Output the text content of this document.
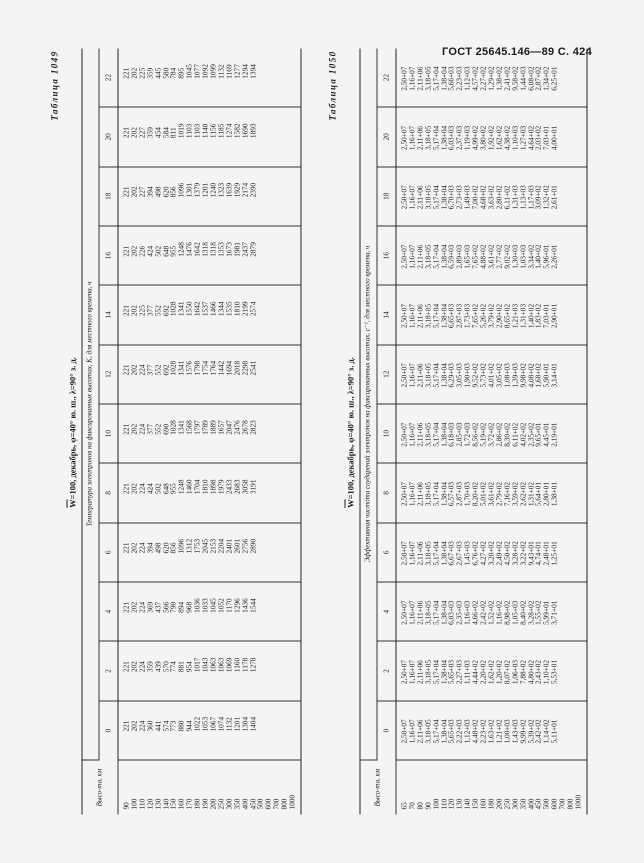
ГОСТ 25645.146—89 С. 424
Таблица 1049
$\overline{W}=100$, декабрь, φ=40° ю. ш., λ=90° з. д.
Высо-та, км	Температура электронов на фиксированных высотах, К, для местного времени, ч											
	0	2	4	6	8	10	12	14	16	18	20	22
90	221	221	221	221	221	221	221	221	221	221	221	221
100	202	202	202	202	202	202	202	202	202	202	202	202
110	224	224	224	224	224	224	224	225	226	227	227	225
120	360	359	369	394	424	377	377	377	424	394	359	359
130	441	439	437	498	502	552	552	552	502	498	454	445
140	574	570	566	620	648	690	692	692	648	620	584	580
150	773	774	790	856	955	1028	1028	1028	955	856	811	784
160	880	881	894	1096	1248	1341	1341	1341	1248	1096	1019	895
170	944	954	968	1312	1460	1568	1576	1550	1476	1301	1103	1045
180	1022	1017	1036	1753	1704	1797	1798	1642	1642	1379	1103	1077
190	1053	1043	1033	2045	1810	1789	1754	1537	1318	1201	1140	1092
200	1067	1063	1045	2153	1898	1889	1764	1466	1318	1240	1156	1099
250	1074	1063	1052	2204	1979	1657	1442	1344	1353	1323	1185	1132
300	1132	1069	1170	2401	2433	2047	1694	1535	1673	1639	1274	1169
350	1201	1160	1296	2601	2683	2476	2018	1810	1981	1929	1582	1277
400	1304	1178	1436	2756	3058	2678	2298	2199	2437	2174	1690	1294
450	1404	1278	1544	2890	3191	2823	2541	2574	2879	2390	1893	1394
500												
600												
700												
800												
1000												
Таблица 1050
$\overline{W}=100$, декабрь, φ=40° ю. ш., λ=90° з. д.
Высо-та, км	Эффективная частота соударений электронов на фиксированных высотах, с⁻¹, для местного времени, ч											
	0	2	4	6	8	10	12	14	16	18	20	22
65	2,50+07	2,50+07	2,50+07	2,50+07	2,50+07	2,50+07	2,50+07	2,50+07	2,50+07	2,50+07	2,50+07	2,50+07
70	1,16+07	1,16+07	1,16+07	1,16+07	1,16+07	1,16+07	1,16+07	1,16+07	1,16+07	1,16+07	1,16+07	1,16+07
80	2,11+06	2,11+06	2,11+06	2,11+06	2,11+06	2,11+06	2,11+06	2,11+06	2,11+06	2,11+06	2,11+06	2,11+06
90	3,18+05	3,18+05	3,18+05	3,18+05	3,18+05	3,18+05	3,18+05	3,18+05	3,18+05	3,18+05	3,18+05	3,18+05
100	5,17+04	5,17+04	5,17+04	5,17+04	5,17+04	5,17+04	5,17+04	5,17+04	5,17+04	5,17+04	5,17+04	5,17+04
110	1,38+04	1,38+04	1,38+04	1,38+04	1,38+04	1,38+04	1,38+04	1,38+04	1,38+04	1,38+04	1,38+04	1,38+04
120	5,65+03	5,65+03	6,03+03	6,67+03	6,57+03	6,18+03	6,29+03	6,65+03	6,59+03	6,70+03	6,03+03	5,66+03
130	2,22+03	2,27+03	2,35+03	2,67+03	2,87+03	2,85+03	3,05+03	2,87+03	2,89+03	2,73+03	2,37+03	2,23+03
140	1,12+03	1,11+03	1,16+03	1,45+03	1,70+03	1,72+03	1,90+03	1,73+03	1,65+03	1,49+03	1,19+03	1,12+03
150	4,48+02	4,44+02	4,66+02	6,76+02	8,20+02	8,56+02	9,52+02	7,65+02	7,65+02	7,00+02	4,99+02	4,57+02
160	2,23+02	2,20+02	2,42+02	4,27+02	5,01+02	5,19+02	5,73+02	5,26+02	4,88+02	4,68+02	3,80+02	2,27+02
180	1,63+02	1,62+02	1,52+02	3,20+02	3,61+02	3,72+02	4,01+02	3,79+02	3,61+02	3,63+02	1,92+02	1,29+02
200	1,21+02	1,20+02	1,16+02	2,49+02	2,79+02	2,86+02	3,05+02	2,90+02	2,77+02	2,80+02	1,62+02	1,38+02
250	1,00+03	8,07+02	8,98+02	4,50+02	7,16+02	8,30+02	1,08+03	8,65+02	9,02+02	6,11+02	4,38+02	2,41+02
300	1,43+03	1,06+03	1,05+03	3,28+02	3,59+02	6,11+02	1,39+03	1,21+03	1,30+03	1,31+03	1,10+03	9,58+02
350	9,99+02	7,88+02	8,40+02	3,22+02	2,62+02	4,02+02	9,98+02	1,31+03	1,03+03	1,13+03	1,27+03	1,44+03
400	5,39+02	4,80+02	3,28+02	9,43+01	1,31+02	2,35+02	4,08+02	1,40+02	3,34+02	1,17+03	4,64+02	6,08+02
450	2,42+02	2,43+02	1,55+02	4,74+01	5,64+01	9,65+01	1,68+02	1,83+02	1,40+02	3,09+02	2,03+02	2,87+02
500	1,14+02	1,10+02	5,99+01	2,48+01	2,80+01	4,45+01	5,90+01	7,03+01	5,96+01	1,32+02	7,03+01	1,34+02
600	5,11+01	5,53+01	3,71+01	1,25+01	1,38+01	2,19+01	3,14+01	2,90+01	2,26+01	2,61+01	4,00+01	6,25+01
700												
800												
1000												
